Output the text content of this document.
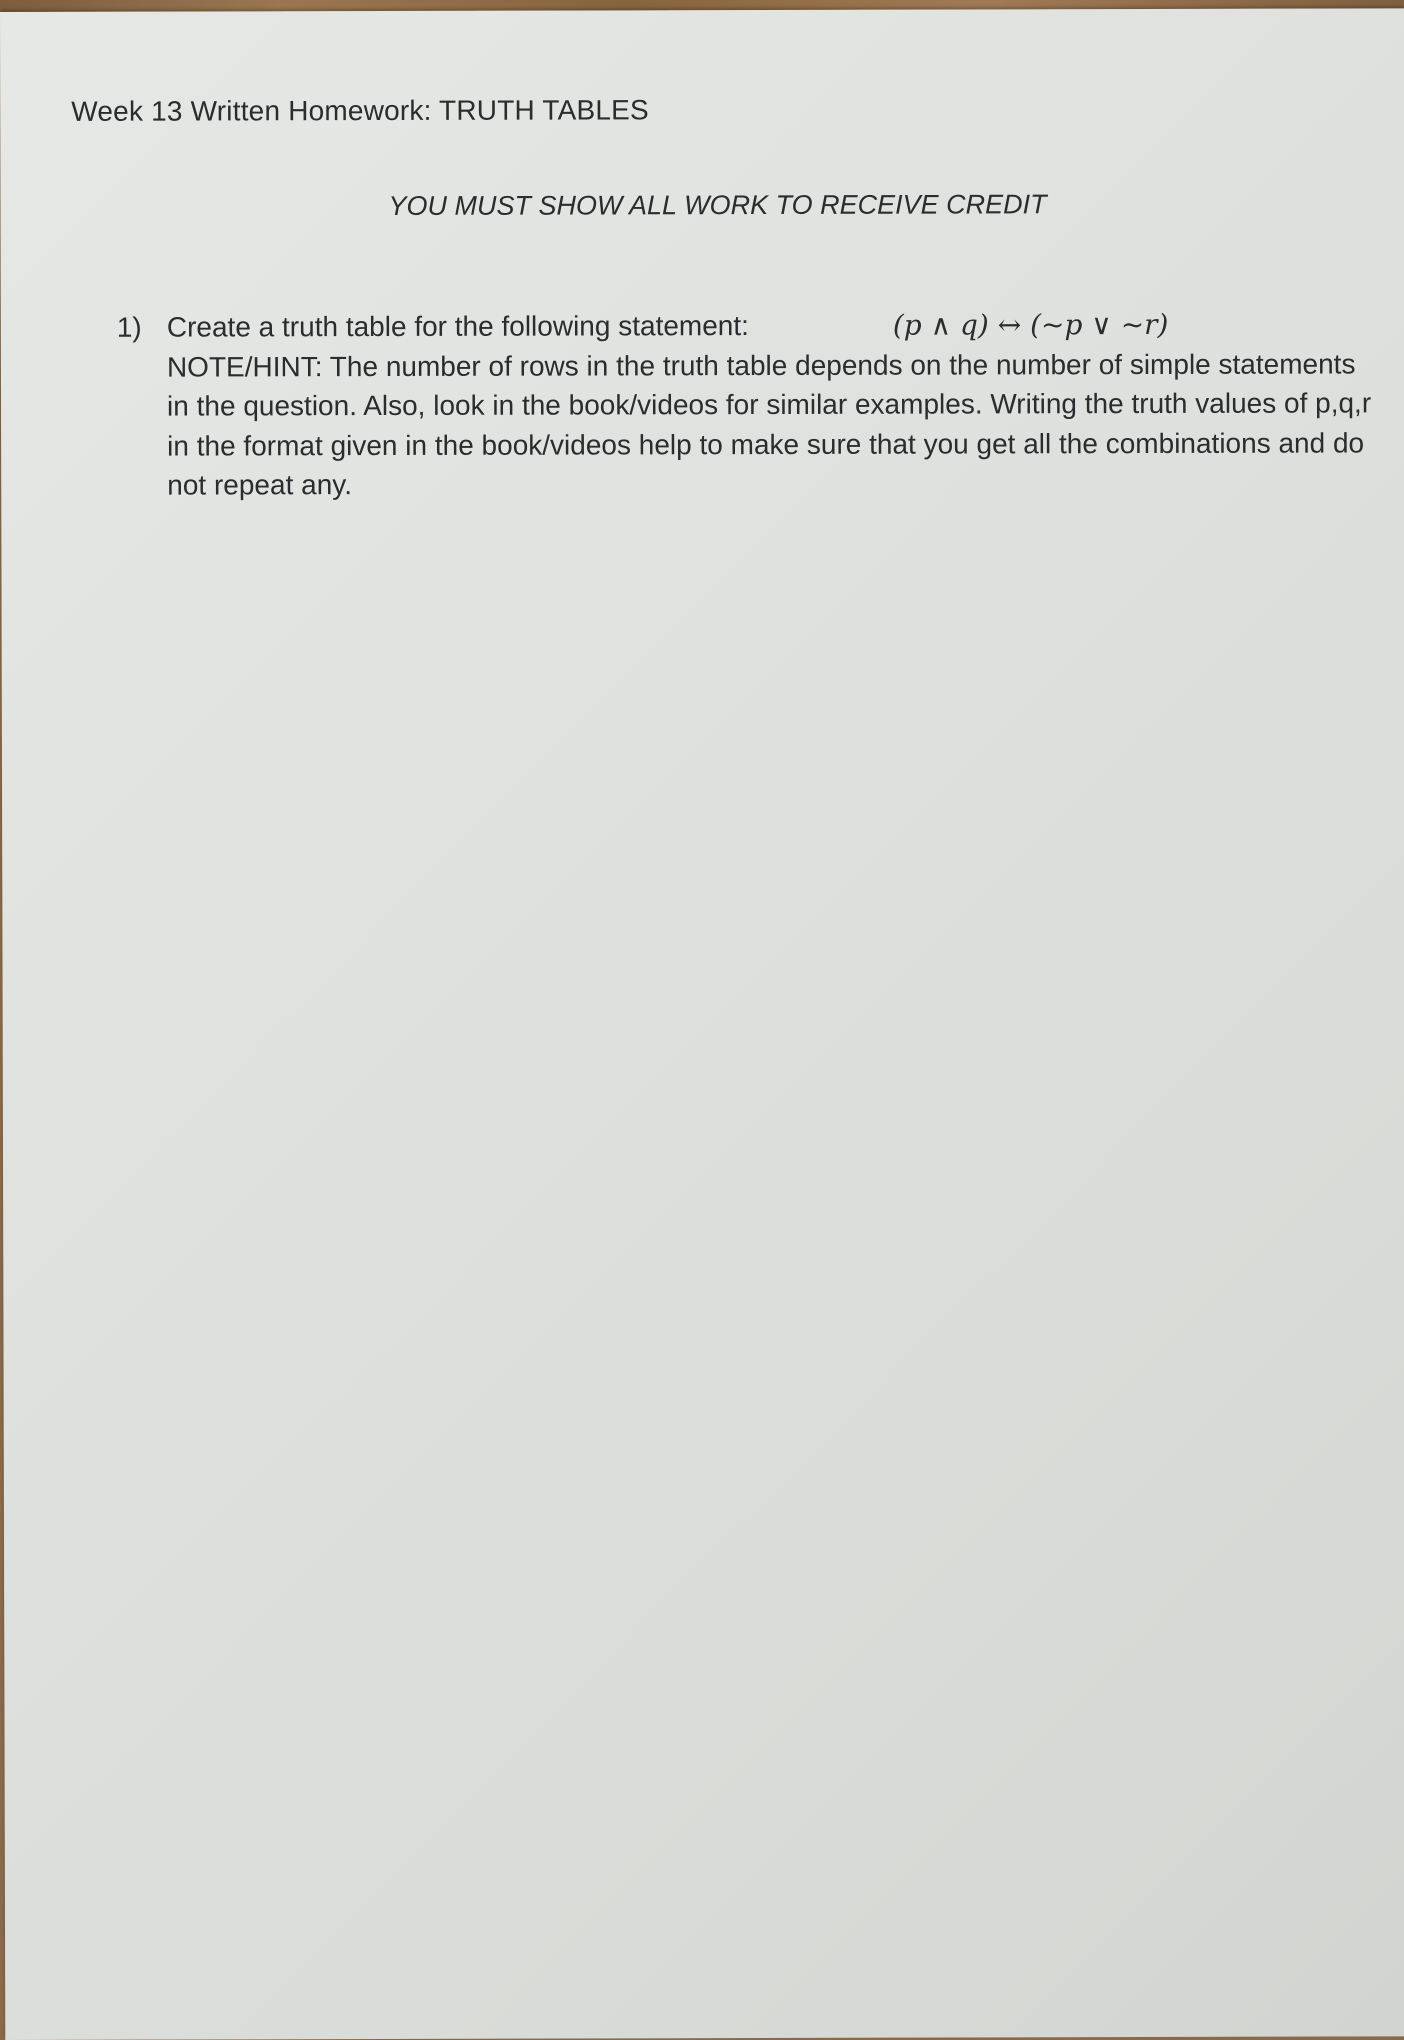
Week 13 Written Homework: TRUTH TABLES
YOU MUST SHOW ALL WORK TO RECEIVE CREDIT
1) Create a truth table for the following statement:	(p ∧ q) ↔ (~p ∨ ~r)
NOTE/HINT: The number of rows in the truth table depends on the number of simple statements in the question. Also, look in the book/videos for similar examples. Writing the truth values of p,q,r in the format given in the book/videos help to make sure that you get all the combinations and do not repeat any.
